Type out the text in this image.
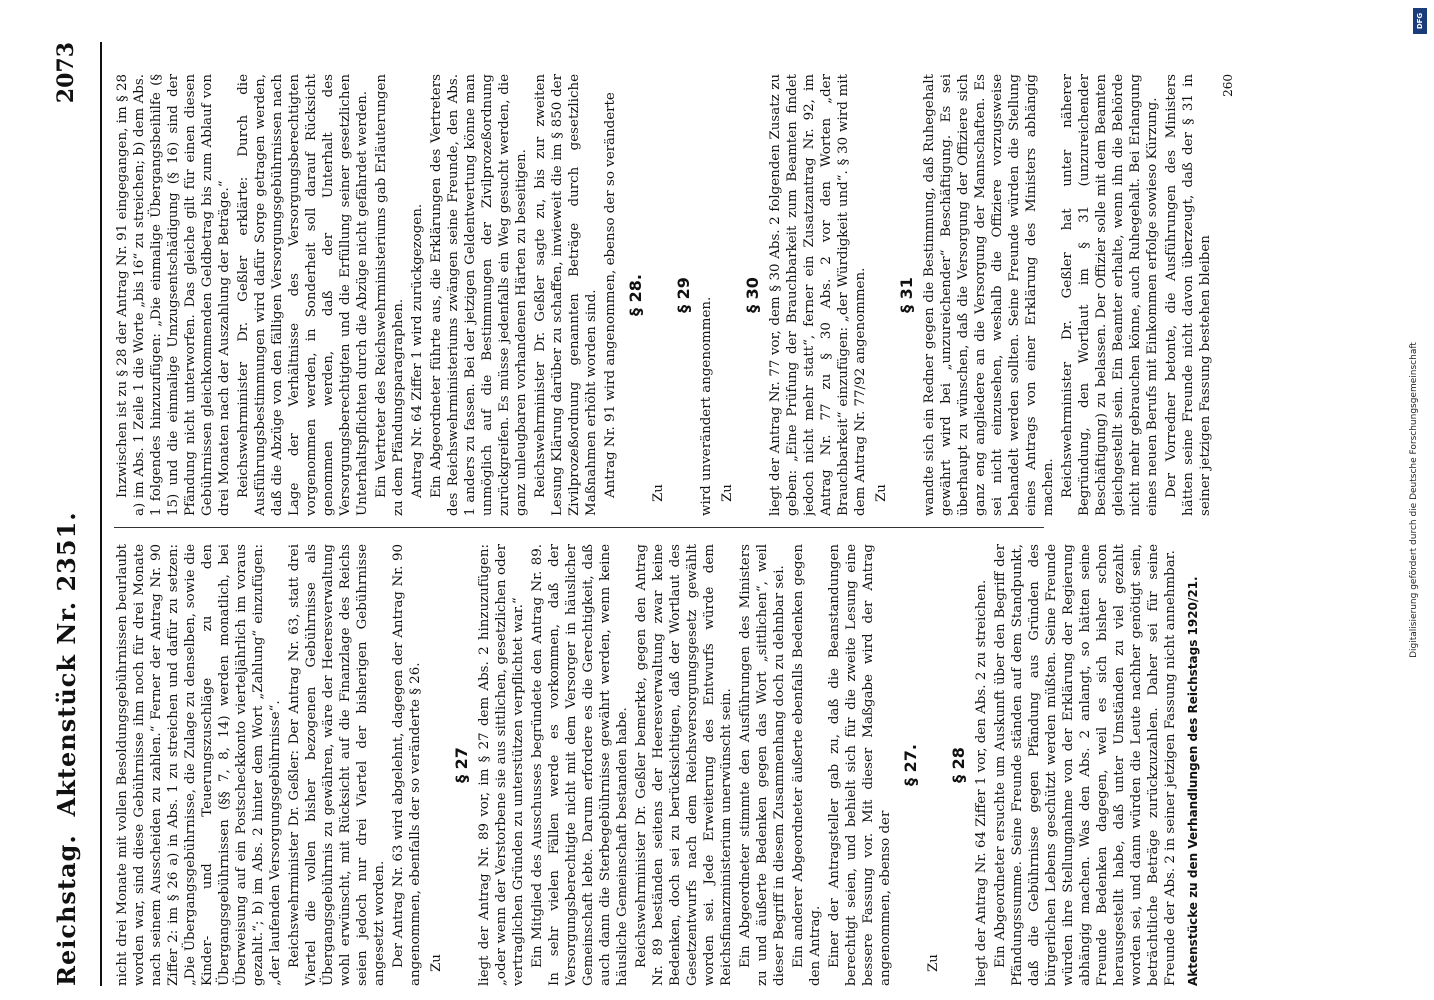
Reichstag.Aktenstück Nr. 2351.
2073

nicht drei Monate mit vollen Besoldungsgebührnissen beurlaubt worden war, sind diese Gebührnisse ihm noch für drei Monate nach seinem Ausscheiden zu zahlen.“ Ferner der Antrag Nr. 90 Ziffer 2: im § 26 a) in Abs. 1 zu streichen und dafür zu setzen: „Die Übergangsgebührnisse, die Zulage zu denselben, sowie die Kinder- und Teuerungszuschläge zu den Übergangsgebührnissen (§§ 7, 8, 14) werden monatlich, bei Überweisung auf ein Postscheckkonto vierteljährlich im voraus gezahlt.“; b) im Abs. 2 hinter dem Wort „Zahlung“ einzufügen: „der laufenden Versorgungsgebührnisse“. Reichswehrminister Dr. Geßler: Der Antrag Nr. 63, statt drei Viertel die vollen bisher bezogenen Gebührnisse als Übergangsgebührnis zu gewähren, wäre der Heeresverwaltung wohl erwünscht, mit Rücksicht auf die Finanzlage des Reichs seien jedoch nur drei Viertel der bisherigen Gebührnisse angesetzt worden. Der Antrag Nr. 63 wird abgelehnt, dagegen der Antrag Nr. 90 angenommen, ebenfalls der so veränderte § 26. Zu

§ 27 liegt der Antrag Nr. 89 vor, im § 27 dem Abs. 2 hinzuzufügen: „oder wenn der Verstorbene sie aus sittlichen, gesetzlichen oder vertraglichen Gründen zu unterstützen verpflichtet war.“ Ein Mitglied des Ausschusses begründete den Antrag Nr. 89. In sehr vielen Fällen werde es vorkommen, daß der Versorgungsberechtigte nicht mit dem Versorger in häuslicher Gemeinschaft lebte. Darum erfordere es die Gerechtigkeit, daß auch dann die Sterbegebührnisse gewährt werden, wenn keine häusliche Gemeinschaft bestanden habe. Reichswehrminister Dr. Geßler bemerkte, gegen den Antrag Nr. 89 beständen seitens der Heeresverwaltung zwar keine Bedenken, doch sei zu berücksichtigen, daß der Wortlaut des Gesetzentwurfs nach dem Reichsversorgungsgesetz gewählt worden sei. Jede Erweiterung des Entwurfs würde dem Reichsfinanzministerium unerwünscht sein. Ein Abgeordneter stimmte den Ausführungen des Ministers zu und äußerte Bedenken gegen das Wort „sittlichen“, weil dieser Begriff in diesem Zusammenhang doch zu dehnbar sei. Ein anderer Abgeordneter äußerte ebenfalls Bedenken gegen den Antrag. Einer der Antragsteller gab zu, daß die Beanstandungen berechtigt seien, und behielt sich für die zweite Lesung eine bessere Fassung vor. Mit dieser Maßgabe wird der Antrag angenommen, ebenso der

§ 27.

Zu

§ 28 liegt der Antrag Nr. 64 Ziffer 1 vor, den Abs. 2 zu streichen. Ein Abgeordneter ersuchte um Auskunft über den Begriff der Pfändungssumme. Seine Freunde ständen auf dem Standpunkt, daß die Gebührnisse gegen Pfändung aus Gründen des bürgerlichen Lebens geschützt werden müßten. Seine Freunde würden ihre Stellungnahme von der Erklärung der Regierung abhängig machen. Was den Abs. 2 anlangt, so hätten seine Freunde Bedenken dagegen, weil es sich bisher schon herausgestellt habe, daß unter Umständen zu viel gezahlt worden sei, und dann würden die Leute nachher genötigt sein, beträchtliche Beträge zurückzuzahlen. Daher sei für seine Freunde der Abs. 2 in seiner jetzigen Fassung nicht annehmbar. Aktenstücke zu den Verhandlungen des Reichstags 1920/21.

Inzwischen ist zu § 28 der Antrag Nr. 91 eingegangen, im § 28 a) im Abs. 1 Zeile 1 die Worte „bis 16“ zu streichen; b) dem Abs. 1 folgendes hinzuzufügen: „Die einmalige Übergangsbeihilfe (§ 15) und die einmalige Umzugsentschädigung (§ 16) sind der Pfändung nicht unterworfen. Das gleiche gilt für einen diesen Gebührnissen gleichkommenden Geldbetrag bis zum Ablauf von drei Monaten nach der Auszahlung der Beträge.“ Reichswehrminister Dr. Geßler erklärte: Durch die Ausführungsbestimmungen wird dafür Sorge getragen werden, daß die Abzüge von den fälligen Versorgungsgebührnissen nach Lage der Verhältnisse des Versorgungsberechtigten vorgenommen werden, in Sonderheit soll darauf Rücksicht genommen werden, daß der Unterhalt des Versorgungsberechtigten und die Erfüllung seiner gesetzlichen Unterhaltspflichten durch die Abzüge nicht gefährdet werden. Ein Vertreter des Reichswehrministeriums gab Erläuterungen zu dem Pfändungsparagraphen. Antrag Nr. 64 Ziffer 1 wird zurückgezogen. Ein Abgeordneter führte aus, die Erklärungen des Vertreters des Reichswehrministeriums zwängen seine Freunde, den Abs. 1 anders zu fassen. Bei der jetzigen Geldentwertung könne man unmöglich auf die Bestimmungen der Zivilprozeßordnung zurückgreifen. Es müsse jedenfalls ein Weg gesucht werden, die ganz unleugbaren vorhandenen Härten zu beseitigen. Reichswehrminister Dr. Geßler sagte zu, bis zur zweiten Lesung Klärung darüber zu schaffen, inwieweit die im § 850 der Zivilprozeßordnung genannten Beträge durch gesetzliche Maßnahmen erhöht worden sind. Antrag Nr. 91 wird angenommen, ebenso der so veränderte § 28.

Zu

§ 29

wird unverändert angenommen. Zu

§ 30 liegt der Antrag Nr. 77 vor, dem § 30 Abs. 2 folgenden Zusatz zu geben: „Eine Prüfung der Brauchbarkeit zum Beamten findet jedoch nicht mehr statt“, ferner ein Zusatzantrag Nr. 92, im Antrag Nr. 77 zu § 30 Abs. 2 vor den Worten „der Brauchbarkeit“ einzufügen: „der Würdigkeit und“. § 30 wird mit dem Antrag Nr. 77/92 angenommen. Zu

§ 31 wandte sich ein Redner gegen die Bestimmung, daß Ruhegehalt gewährt wird bei „unzureichender“ Beschäftigung. Es sei überhaupt zu wünschen, daß die Versorgung der Offiziere sich ganz eng angliedere an die Versorgung der Mannschaften. Es sei nicht einzusehen, weshalb die Offiziere vorzugsweise behandelt werden sollten. Seine Freunde würden die Stellung eines Antrags von einer Erklärung des Ministers abhängig machen. Reichswehrminister Dr. Geßler hat unter näherer Begründung, den Wortlaut im § 31 (unzureichender Beschäftigung) zu belassen. Der Offizier solle mit dem Beamten gleichgestellt sein. Ein Beamter erhalte, wenn ihn die Behörde nicht mehr gebrauchen könne, auch Ruhegehalt. Bei Erlangung eines neuen Berufs mit Einkommen erfolge sowieso Kürzung. Der Vorredner betonte, die Ausführungen des Ministers hätten seine Freunde nicht davon überzeugt, daß der § 31 in seiner jetzigen Fassung bestehen bleiben

260

DFG
Digitalisierung gefördert durch die Deutsche Forschungsgemeinschaft
